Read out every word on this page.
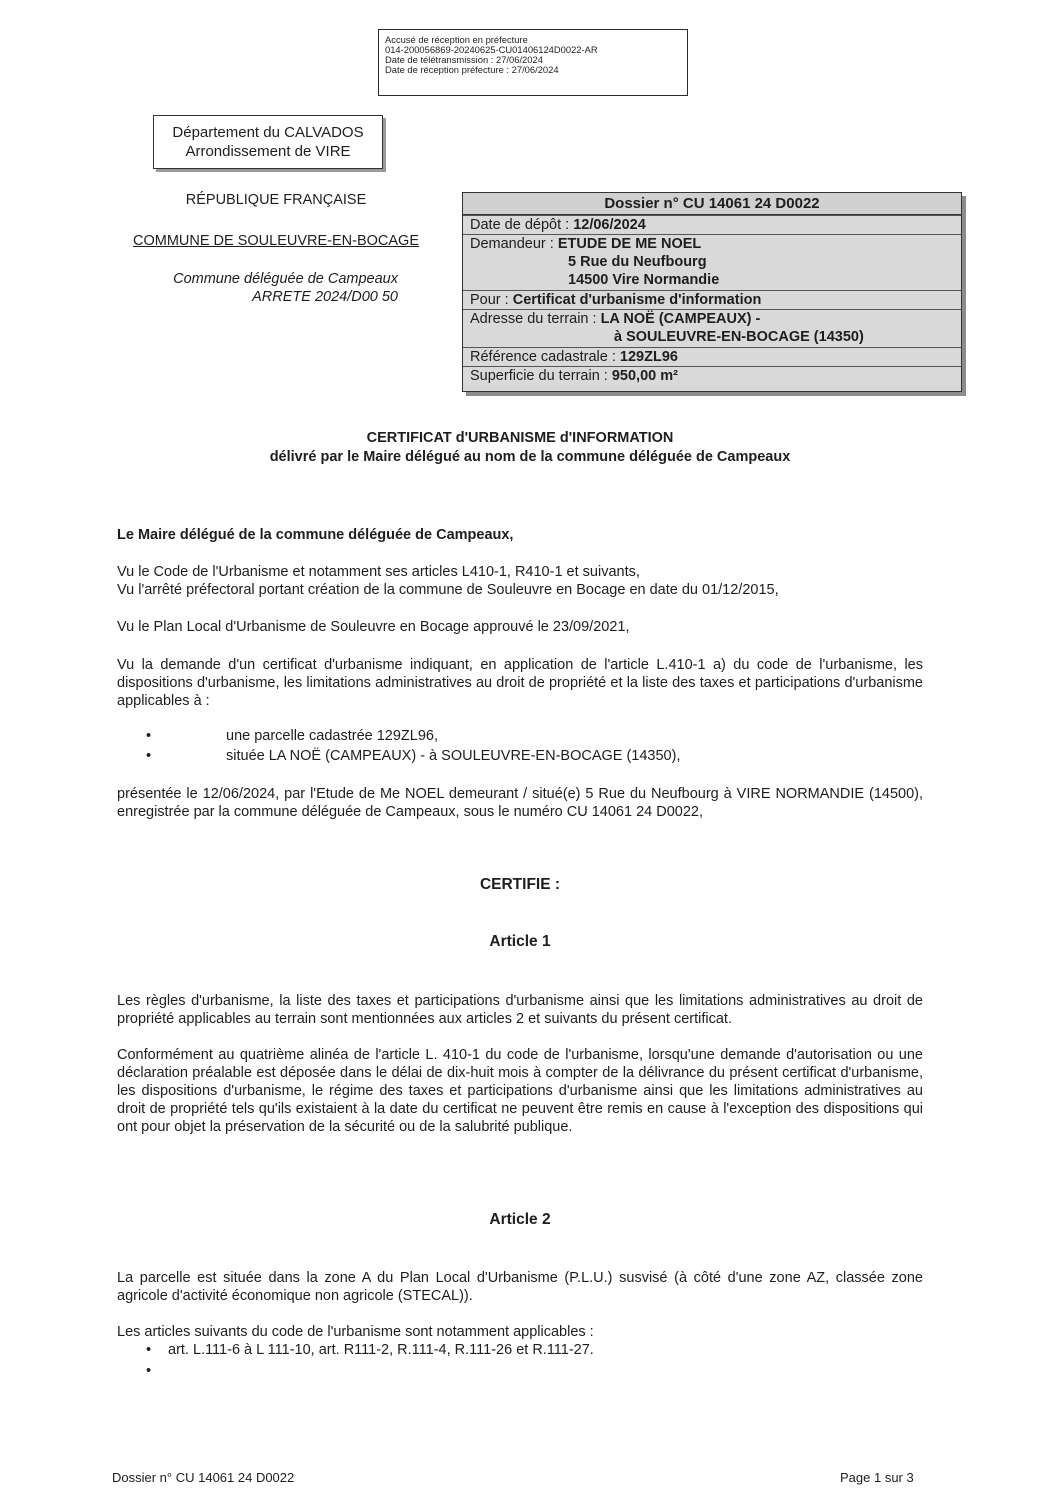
Accusé de réception en préfecture
014-200056869-20240625-CU01406124D0022-AR
Date de télétransmission : 27/06/2024
Date de réception préfecture : 27/06/2024
Département du CALVADOS
Arrondissement de VIRE
RÉPUBLIQUE FRANÇAISE
COMMUNE DE SOULEUVRE-EN-BOCAGE
Commune déléguée de Campeaux
ARRETE 2024/D00 50
Dossier n° CU 14061 24 D0022
Date de dépôt : 12/06/2024
Demandeur : ETUDE DE ME NOEL
5 Rue du Neufbourg
14500 Vire Normandie
Pour : Certificat d'urbanisme d'information
Adresse du terrain : LA NOË (CAMPEAUX) -
à SOULEUVRE-EN-BOCAGE (14350)
Référence cadastrale : 129ZL96
Superficie du terrain : 950,00 m²
CERTIFICAT d'URBANISME d'INFORMATION
délivré par le Maire délégué au nom de la commune déléguée de Campeaux
Le Maire délégué de la commune déléguée de Campeaux,
Vu le Code de l'Urbanisme et notamment ses articles L410-1, R410-1 et suivants,
Vu l'arrêté préfectoral portant création de la commune de Souleuvre en Bocage en date du 01/12/2015,
Vu le Plan Local d'Urbanisme de Souleuvre en Bocage approuvé le 23/09/2021,
Vu la demande d'un certificat d'urbanisme indiquant, en application de l'article L.410-1 a) du code de l'urbanisme, les dispositions d'urbanisme, les limitations administratives au droit de propriété et la liste des taxes et participations d'urbanisme applicables à :
•	une parcelle cadastrée 129ZL96,
•	située LA NOË (CAMPEAUX) - à SOULEUVRE-EN-BOCAGE (14350),
présentée le 12/06/2024, par l'Etude de Me NOEL demeurant / situé(e) 5 Rue du Neufbourg à VIRE NORMANDIE (14500), enregistrée par la commune déléguée de Campeaux, sous le numéro CU 14061 24 D0022,
CERTIFIE :
Article 1
Les règles d'urbanisme, la liste des taxes et participations d'urbanisme ainsi que les limitations administratives au droit de propriété applicables au terrain sont mentionnées aux articles 2 et suivants du présent certificat.
Conformément au quatrième alinéa de l'article L. 410-1 du code de l'urbanisme, lorsqu'une demande d'autorisation ou une déclaration préalable est déposée dans le délai de dix-huit mois à compter de la délivrance du présent certificat d'urbanisme, les dispositions d'urbanisme, le régime des taxes et participations d'urbanisme ainsi que les limitations administratives au droit de propriété tels qu'ils existaient à la date du certificat ne peuvent être remis en cause à l'exception des dispositions qui ont pour objet la préservation de la sécurité ou de la salubrité publique.
Article 2
La parcelle est située dans la zone A du Plan Local d'Urbanisme (P.L.U.) susvisé (à côté d'une zone AZ, classée zone agricole d'activité économique non agricole (STECAL)).
Les articles suivants du code de l'urbanisme sont notamment applicables :
• art. L.111-6 à L 111-10, art. R111-2, R.111-4, R.111-26 et R.111-27.
•
Dossier n° CU 14061 24 D0022	Page 1 sur 3
